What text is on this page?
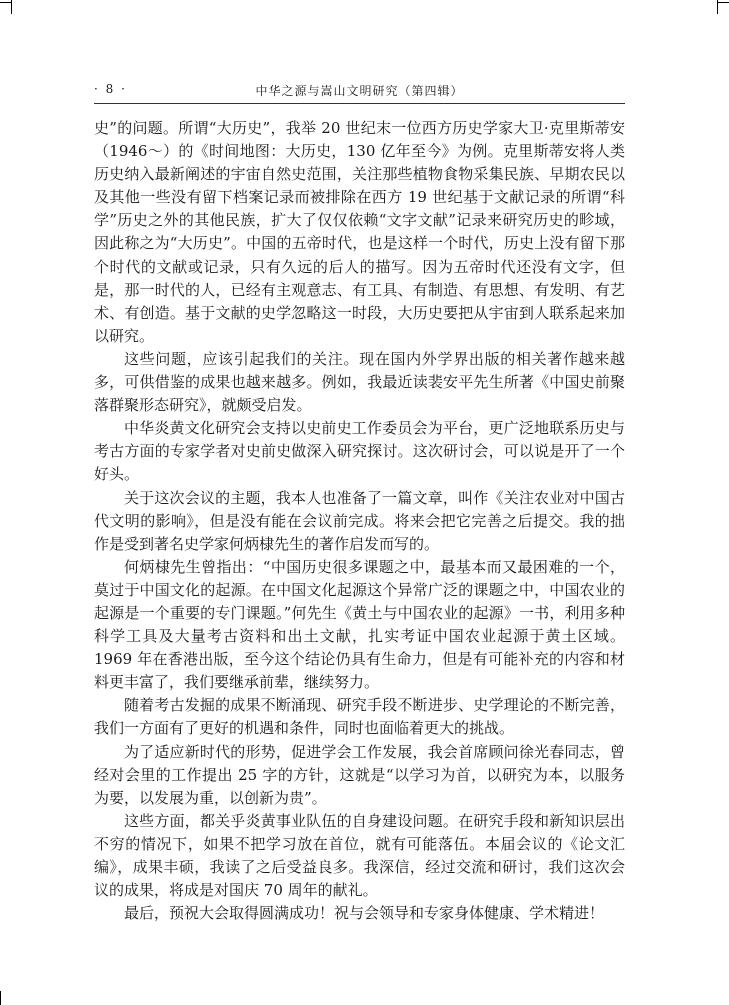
· 8 ·	中华之源与嵩山文明研究（第四辑）

史”的问题。所谓“大历史”，我举 20 世纪末一位西方历史学家大卫·克里斯蒂安（1946～）的《时间地图：大历史，130 亿年至今》为例。克里斯蒂安将人类历史纳入最新阐述的宇宙自然史范围，关注那些植物食物采集民族、早期农民以及其他一些没有留下档案记录而被排除在西方 19 世纪基于文献记录的所谓“科学”历史之外的其他民族，扩大了仅仅依赖“文字文献”记录来研究历史的畛域，因此称之为“大历史”。中国的五帝时代，也是这样一个时代，历史上没有留下那个时代的文献或记录，只有久远的后人的描写。因为五帝时代还没有文字，但是，那一时代的人，已经有主观意志、有工具、有制造、有思想、有发明、有艺术、有创造。基于文献的史学忽略这一时段，大历史要把从宇宙到人联系起来加以研究。

这些问题，应该引起我们的关注。现在国内外学界出版的相关著作越来越多，可供借鉴的成果也越来越多。例如，我最近读裴安平先生所著《中国史前聚落群聚形态研究》，就颇受启发。

中华炎黄文化研究会支持以史前史工作委员会为平台，更广泛地联系历史与考古方面的专家学者对史前史做深入研究探讨。这次研讨会，可以说是开了一个好头。

关于这次会议的主题，我本人也准备了一篇文章，叫作《关注农业对中国古代文明的影响》，但是没有能在会议前完成。将来会把它完善之后提交。我的拙作是受到著名史学家何炳棣先生的著作启发而写的。

何炳棣先生曾指出：“中国历史很多课题之中，最基本而又最困难的一个，莫过于中国文化的起源。在中国文化起源这个异常广泛的课题之中，中国农业的起源是一个重要的专门课题。”何先生《黄土与中国农业的起源》一书，利用多种科学工具及大量考古资料和出土文献，扎实考证中国农业起源于黄土区域。1969 年在香港出版，至今这个结论仍具有生命力，但是有可能补充的内容和材料更丰富了，我们要继承前辈，继续努力。

随着考古发掘的成果不断涌现、研究手段不断进步、史学理论的不断完善，我们一方面有了更好的机遇和条件，同时也面临着更大的挑战。

为了适应新时代的形势，促进学会工作发展，我会首席顾问徐光春同志，曾经对会里的工作提出 25 字的方针，这就是“以学习为首，以研究为本，以服务为要，以发展为重，以创新为贵”。

这些方面，都关乎炎黄事业队伍的自身建设问题。在研究手段和新知识层出不穷的情况下，如果不把学习放在首位，就有可能落伍。本届会议的《论文汇编》，成果丰硕，我读了之后受益良多。我深信，经过交流和研讨，我们这次会议的成果，将成是对国庆 70 周年的献礼。

最后，预祝大会取得圆满成功！祝与会领导和专家身体健康、学术精进！
